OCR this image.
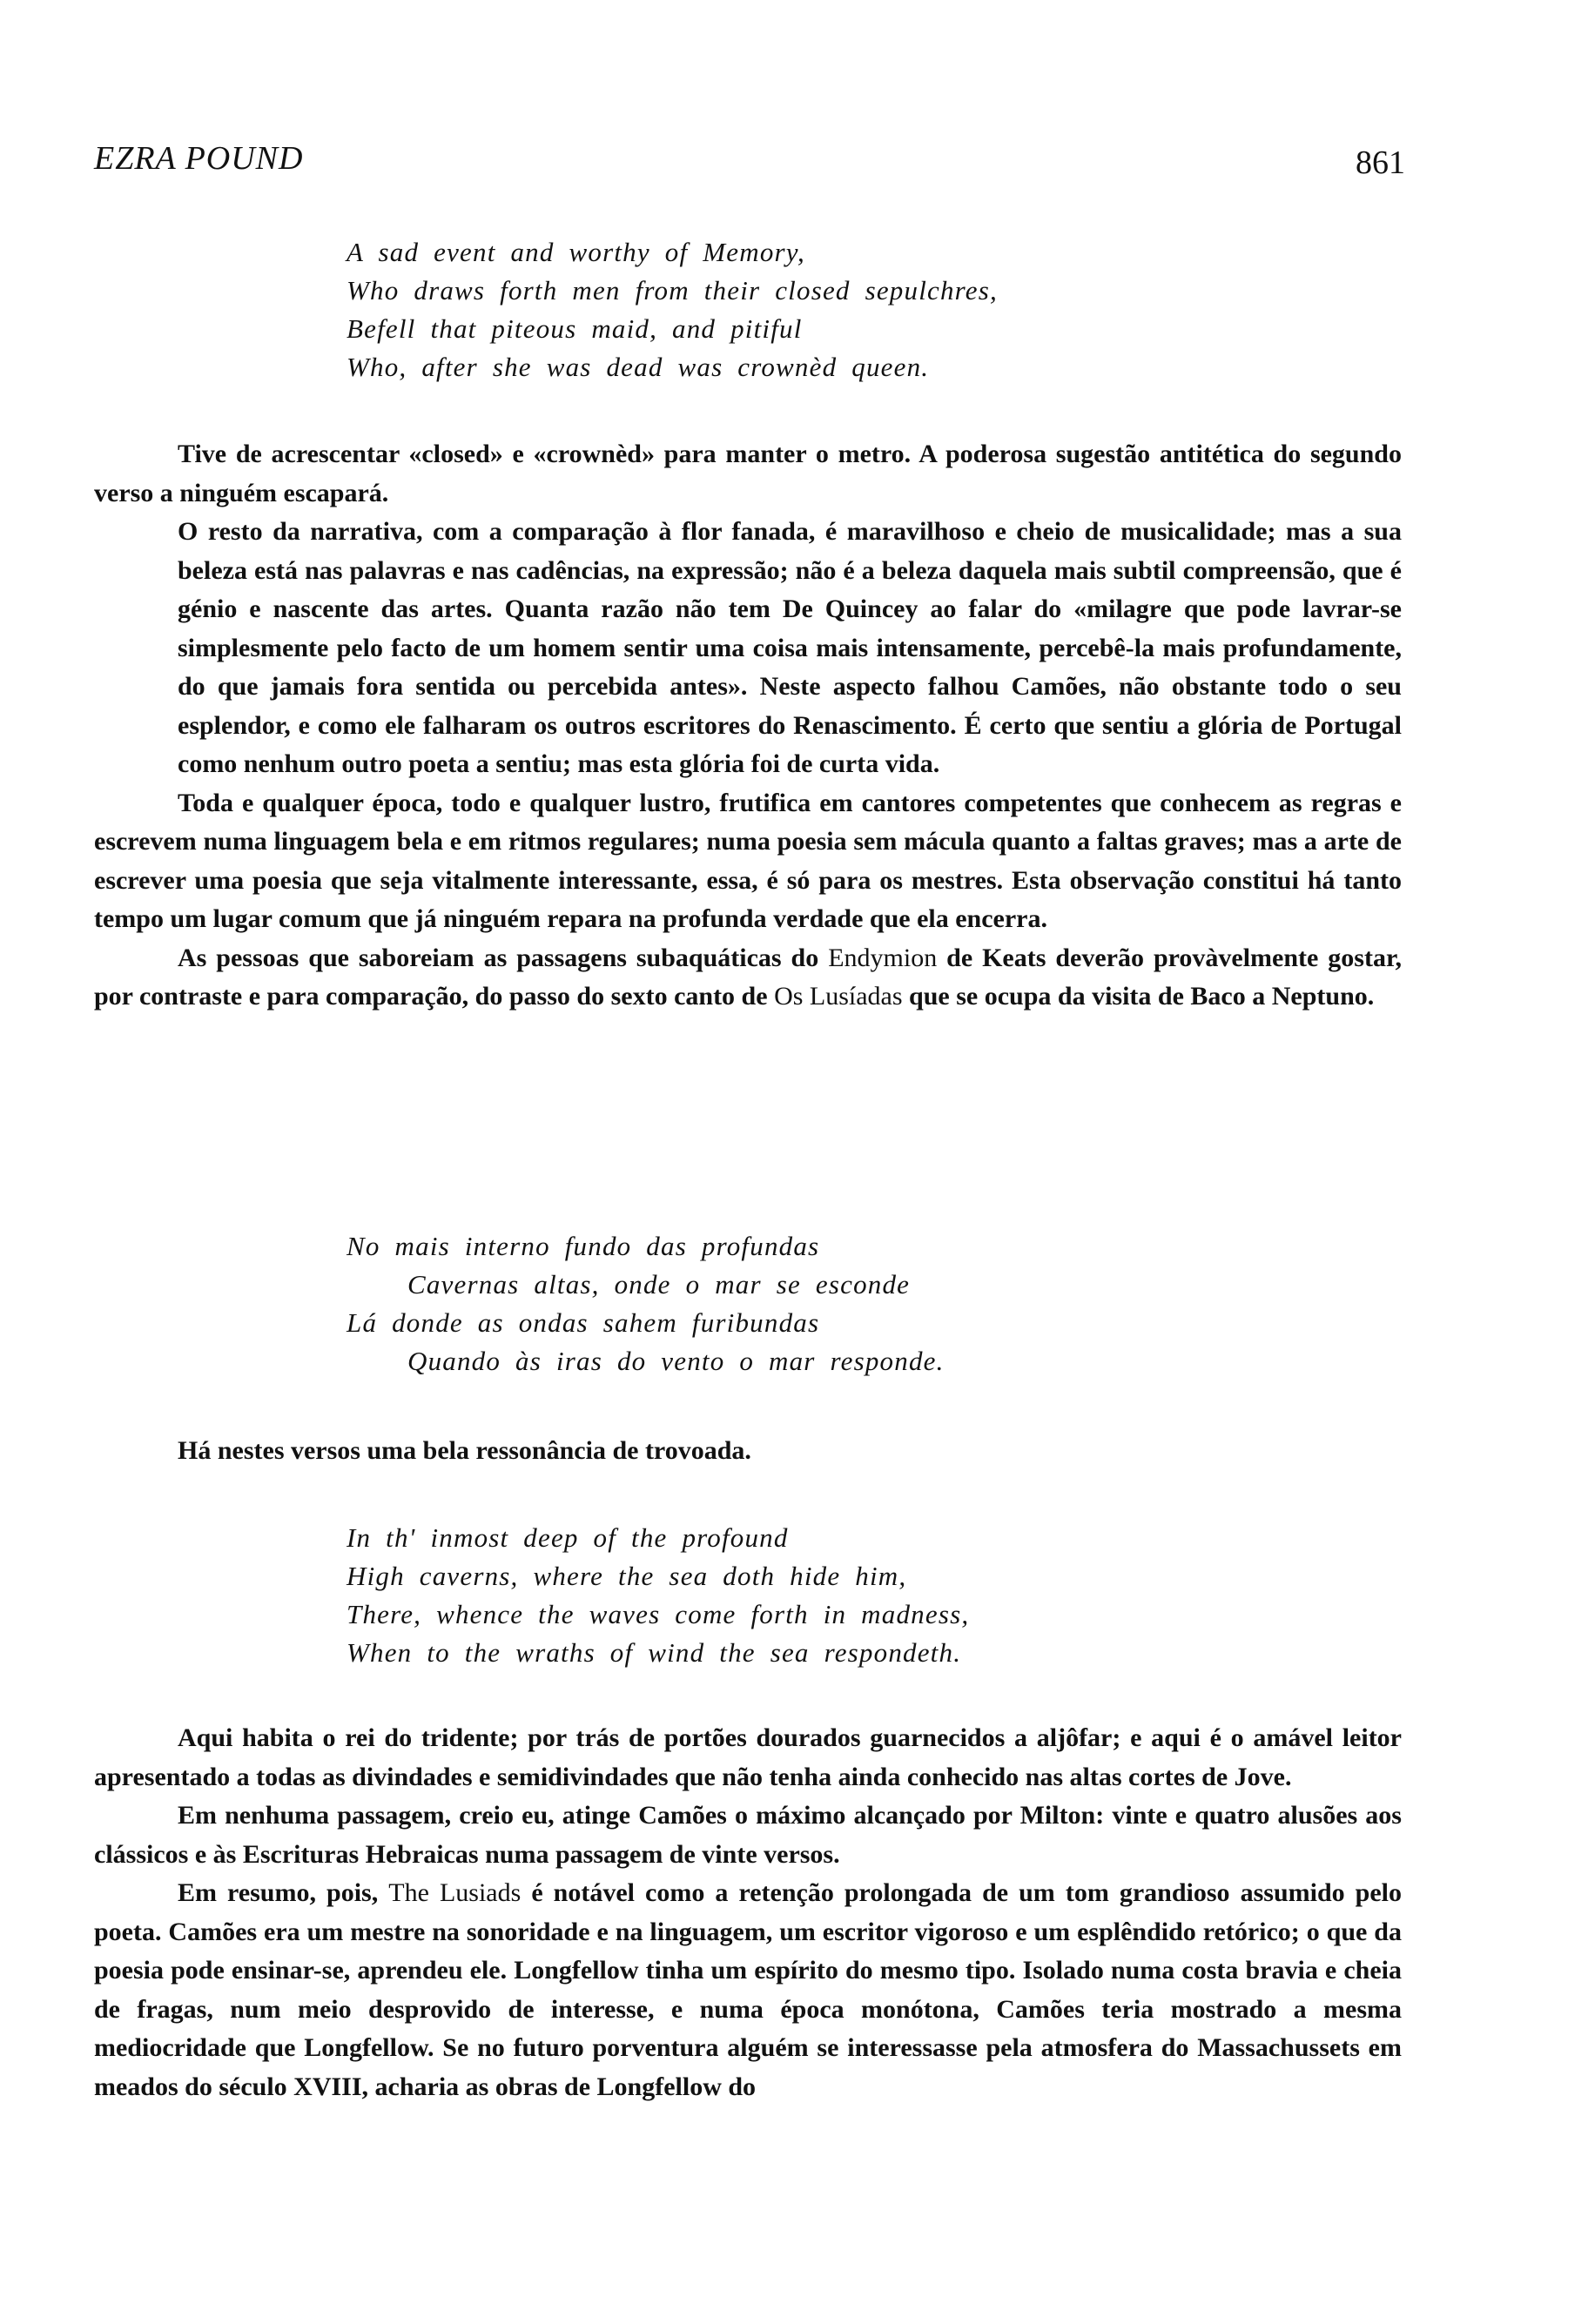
EZRA POUND	861
A sad event and worthy of Memory,
Who draws forth men from their closed sepulchres,
Befell that piteous maid, and pitiful
Who, after she was dead was crownèd queen.

Tive de acrescentar «closed» e «crownèd» para manter o metro. A poderosa sugestão antitética do segundo verso a ninguém escapará.

O resto da narrativa, com a comparação à flor fanada, é maravilhoso e cheio de musicalidade; mas a sua beleza está nas palavras e nas cadências, na expressão; não é a beleza daquela mais subtil compreensão, que é génio e nascente das artes. Quanta razão não tem De Quincey ao falar do «milagre que pode lavrar-se simplesmente pelo facto de um homem sentir uma coisa mais intensamente, percebê-la mais profundamente, do que jamais fora sentida ou percebida antes». Neste aspecto falhou Camões, não obstante todo o seu esplendor, e como ele falharam os outros escritores do Renascimento. É certo que sentiu a glória de Portugal como nenhum outro poeta a sentiu; mas esta glória foi de curta vida.

Toda e qualquer época, todo e qualquer lustro, frutifica em cantores competentes que conhecem as regras e escrevem numa linguagem bela e em ritmos regulares; numa poesia sem mácula quanto a faltas graves; mas a arte de escrever uma poesia que seja vitalmente interessante, essa, é só para os mestres. Esta observação constitui há tanto tempo um lugar comum que já ninguém repara na profunda verdade que ela encerra.

As pessoas que saboreiam as passagens subaquáticas do Endymion de Keats deverão provàvelmente gostar, por contraste e para comparação, do passo do sexto canto de Os Lusíadas que se ocupa da visita de Baco a Neptuno.

No mais interno fundo das profundas
Cavernas altas, onde o mar se esconde
Lá donde as ondas sahem furibundas
Quando às iras do vento o mar responde.

Há nestes versos uma bela ressonância de trovoada.

In th' inmost deep of the profound
High caverns, where the sea doth hide him,
There, whence the waves come forth in madness,
When to the wraths of wind the sea respondeth.

Aqui habita o rei do tridente; por trás de portões dourados guarnecidos a aljôfar; e aqui é o amável leitor apresentado a todas as divindades e semidivindades que não tenha ainda conhecido nas altas cortes de Jove.

Em nenhuma passagem, creio eu, atinge Camões o máximo alcançado por Milton: vinte e quatro alusões aos clássicos e às Escrituras Hebraicas numa passagem de vinte versos.

Em resumo, pois, The Lusiads é notável como a retenção prolongada de um tom grandioso assumido pelo poeta. Camões era um mestre na sonoridade e na linguagem, um escritor vigoroso e um esplêndido retórico; o que da poesia pode ensinar-se, aprendeu ele. Longfellow tinha um espírito do mesmo tipo. Isolado numa costa bravia e cheia de fragas, num meio desprovido de interesse, e numa época monótona, Camões teria mostrado a mesma mediocridade que Longfellow. Se no futuro porventura alguém se interessasse pela atmosfera do Massachussets em meados do século XVIII, acharia as obras de Longfellow do
